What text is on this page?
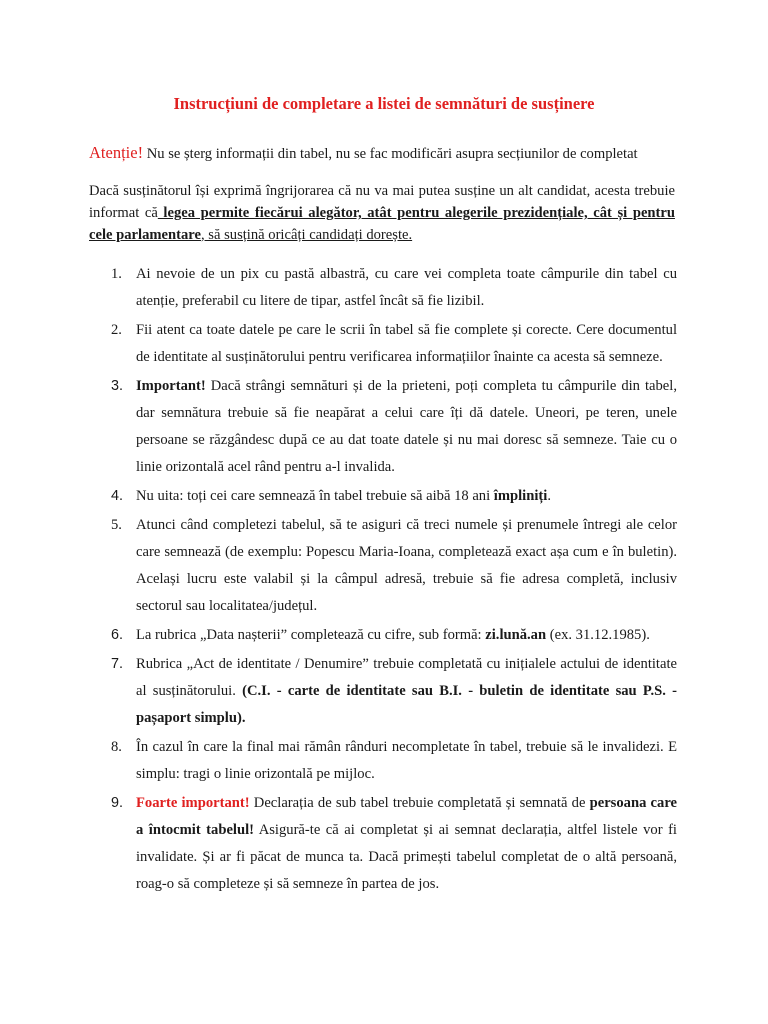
Instrucțiuni de completare a listei de semnături de susținere
Atenție! Nu se șterg informații din tabel, nu se fac modificări asupra secțiunilor de completat
Dacă susținătorul își exprimă îngrijorarea că nu va mai putea susține un alt candidat, acesta trebuie informat că legea permite fiecărui alegător, atât pentru alegerile prezidențiale, cât și pentru cele parlamentare, să susțină oricâți candidați dorește.
1. Ai nevoie de un pix cu pastă albastră, cu care vei completa toate câmpurile din tabel cu atenție, preferabil cu litere de tipar, astfel încât să fie lizibil.
2. Fii atent ca toate datele pe care le scrii în tabel să fie complete și corecte. Cere documentul de identitate al susținătorului pentru verificarea informațiilor înainte ca acesta să semneze.
3. Important! Dacă strângi semnături și de la prieteni, poți completa tu câmpurile din tabel, dar semnătura trebuie să fie neapărat a celui care îți dă datele. Uneori, pe teren, unele persoane se răzgândesc după ce au dat toate datele și nu mai doresc să semneze. Taie cu o linie orizontală acel rând pentru a-l invalida.
4. Nu uita: toți cei care semnează în tabel trebuie să aibă 18 ani împliniți.
5. Atunci când completezi tabelul, să te asiguri că treci numele și prenumele întregi ale celor care semnează (de exemplu: Popescu Maria-Ioana, completează exact așa cum e în buletin). Același lucru este valabil și la câmpul adresă, trebuie să fie adresa completă, inclusiv sectorul sau localitatea/județul.
6. La rubrica „Data nașterii” completează cu cifre, sub formă: zi.lună.an (ex. 31.12.1985).
7. Rubrica „Act de identitate / Denumire” trebuie completată cu inițialele actului de identitate al susținătorului. (C.I. - carte de identitate sau B.I. - buletin de identitate sau P.S. - pașaport simplu).
8. În cazul în care la final mai rămân rânduri necompletate în tabel, trebuie să le invalidezi. E simplu: tragi o linie orizontală pe mijloc.
9. Foarte important! Declarația de sub tabel trebuie completată și semnată de persoana care a întocmit tabelul! Asigură-te că ai completat și ai semnat declarația, altfel listele vor fi invalidate. Și ar fi păcat de munca ta. Dacă primești tabelul completat de o altă persoană, roag-o să completeze și să semneze în partea de jos.
